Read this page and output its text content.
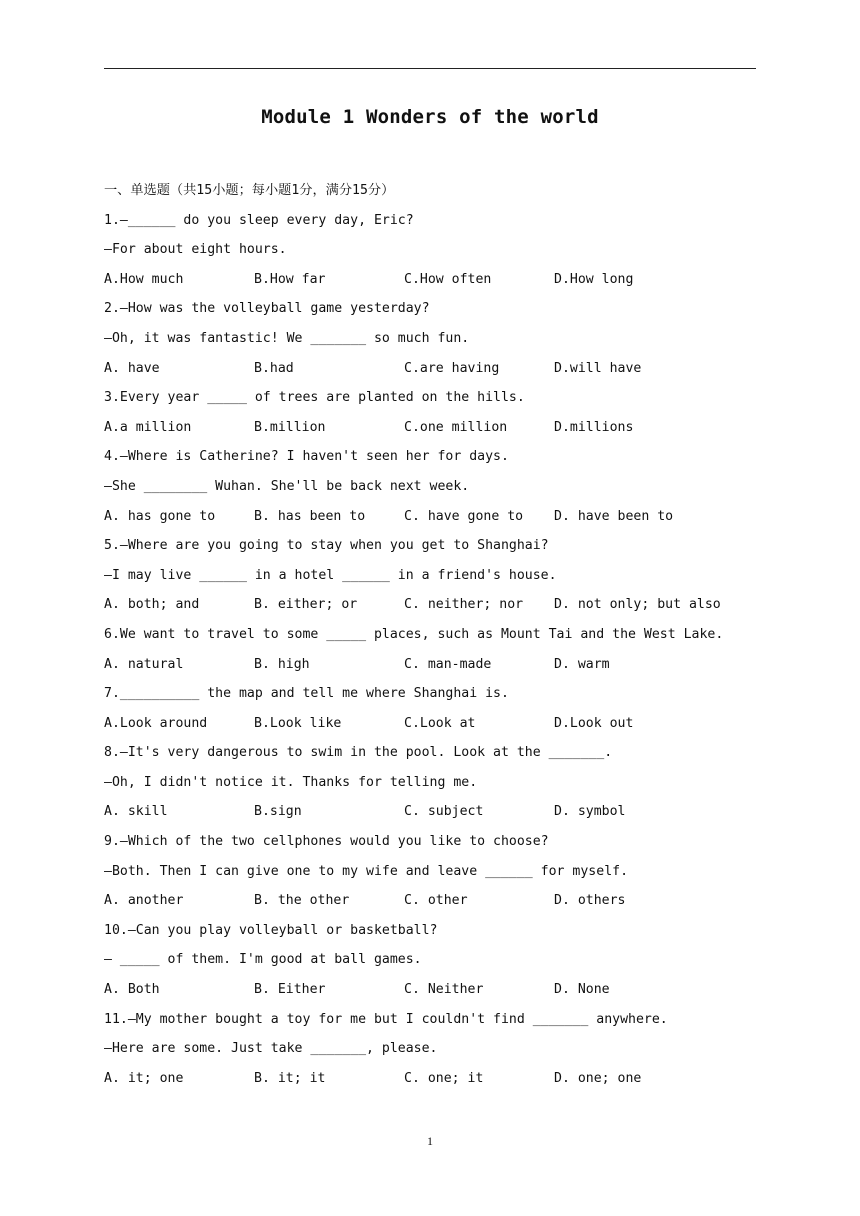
Module 1 Wonders of the world
一、单选题（共15小题；每小题1分，满分15分）
1.—______ do you sleep every day, Eric?
—For about eight hours.
A.How much	B.How far	C.How often	D.How long
2.—How was the volleyball game yesterday?
—Oh, it was fantastic! We _______ so much fun.
A. have	B.had	C.are having	D.will have
3.Every year _____ of trees are planted on the hills.
A.a million	B.million	C.one million	D.millions
4.—Where is Catherine? I haven't seen her for days.
—She ________ Wuhan. She'll be back next week.
A. has gone to	B. has been to	C. have gone to	D. have been to
5.—Where are you going to stay when you get to Shanghai?
—I may live ______ in a hotel ______ in a friend's house.
A. both; and	B. either; or	C. neither; nor	D. not only; but also
6.We want to travel to some _____ places, such as Mount Tai and the West Lake.
A. natural	B. high	C. man-made	D. warm
7.__________ the map and tell me where Shanghai is.
A.Look around	B.Look like	C.Look at	D.Look out
8.—It's very dangerous to swim in the pool. Look at the _______.
—Oh, I didn't notice it. Thanks for telling me.
A. skill	B.sign	C. subject	D. symbol
9.—Which of the two cellphones would you like to choose?
—Both. Then I can give one to my wife and leave ______ for myself.
A. another	B. the other	C. other	D. others
10.—Can you play volleyball or basketball?
— _____ of them. I'm good at ball games.
A. Both	B. Either	C. Neither	D. None
11.—My mother bought a toy for me but I couldn't find _______ anywhere.
—Here are some. Just take _______, please.
A. it; one	B. it; it	C. one; it	D. one; one
1
